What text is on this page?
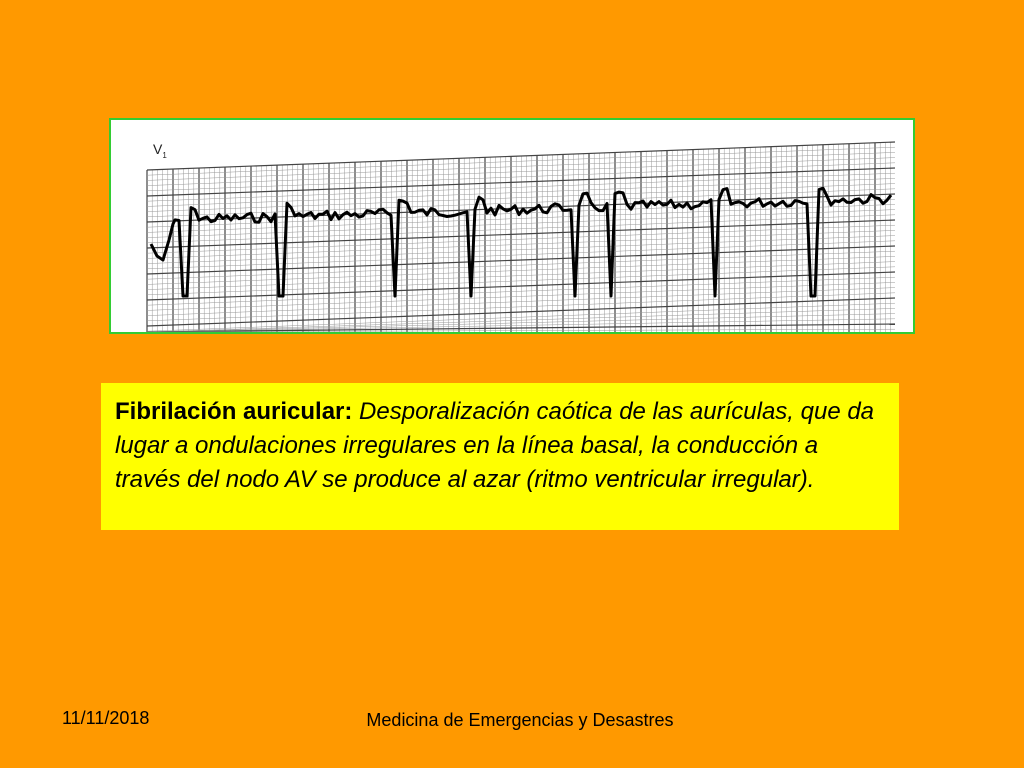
$V_1$
Fibrilación auricular: Desporalización caótica de las aurículas, que da lugar a ondulaciones irregulares en la línea basal, la conducción a través del nodo AV se produce al azar (ritmo ventricular irregular).
11/11/2018	Medicina de Emergencias y Desastres
